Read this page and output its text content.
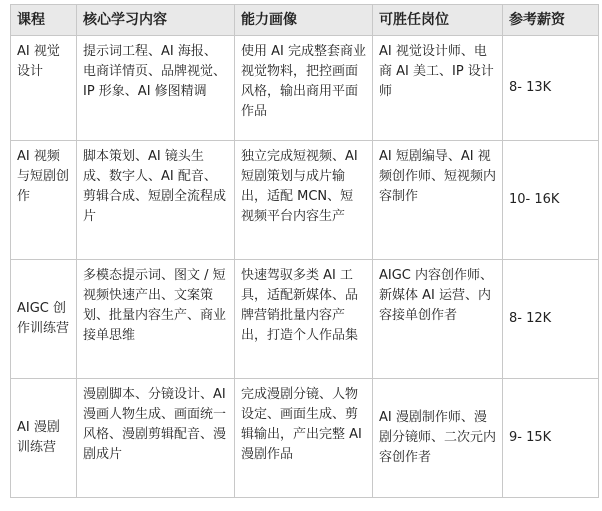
课程	核心学习内容	能力画像	可胜任岗位	参考薪资
AI 视觉设计	提示词工程、AI 海报、电商详情页、品牌视觉、IP 形象、AI 修图精调	使用 AI 完成整套商业视觉物料，把控画面风格，输出商用平面作品	AI 视觉设计师、电商 AI 美工、IP 设计师	8- 13K
AI 视频与短剧创作	脚本策划、AI 镜头生成、数字人、AI 配音、剪辑合成、短剧全流程成片	独立完成短视频、AI 短剧策划与成片输出，适配 MCN、短视频平台内容生产	AI 短剧编导、AI 视频创作师、短视频内容制作	10- 16K
AIGC 创作训练营	多模态提示词、图文 / 短视频快速产出、文案策划、批量内容生产、商业接单思维	快速驾驭多类 AI 工具，适配新媒体、品牌营销批量内容产出，打造个人作品集	AIGC 内容创作师、新媒体 AI 运营、内容接单创作者	8- 12K
AI 漫剧训练营	漫剧脚本、分镜设计、AI 漫画人物生成、画面统一风格、漫剧剪辑配音、漫剧成片	完成漫剧分镜、人物设定、画面生成、剪辑输出，产出完整 AI 漫剧作品	AI 漫剧制作师、漫剧分镜师、二次元内容创作者	9- 15K
